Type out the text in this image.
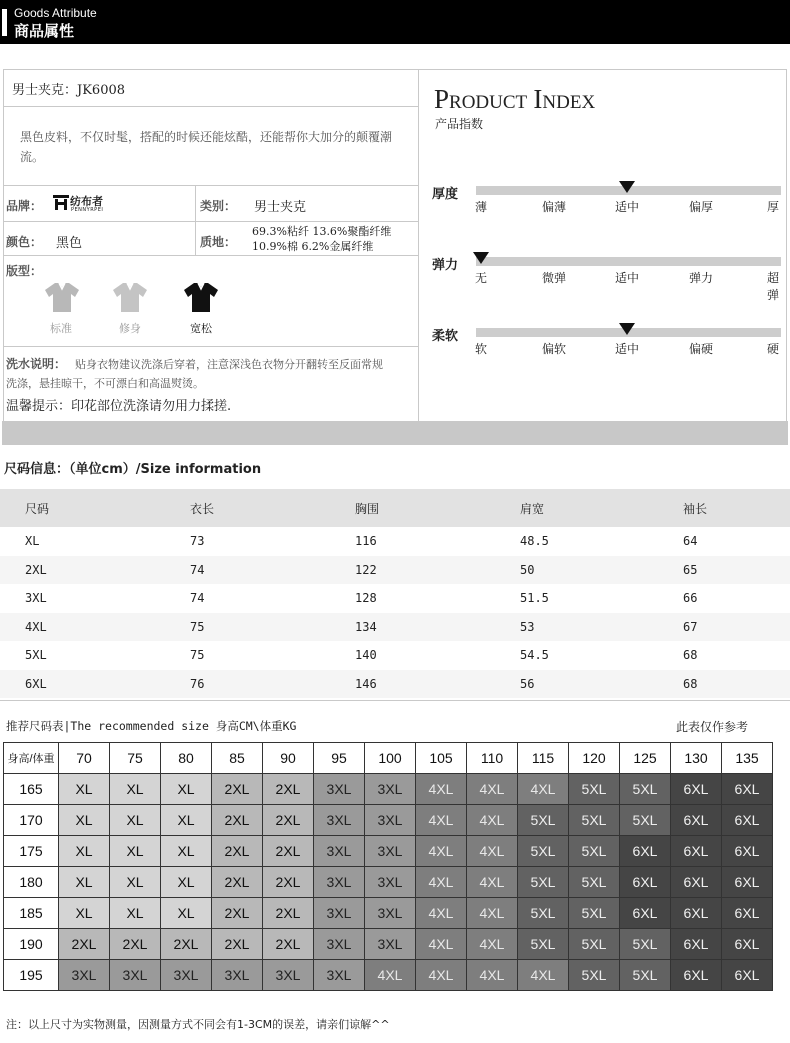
Goods Attribute
商品属性
男士夹克：JK6008
黑色皮料，不仅时髦，搭配的时候还能炫酷，还能帮你大加分的颠覆潮流。
品牌：	纺布者
PENNYRPEI	类别： 男士夹克
颜色： 黑色	质地：
69.3%粘纤 13.6%聚酯纤维
10.9%棉 6.2%金属纤维
版型：
标准	修身	宽松
洗水说明： 贴身衣物建议洗涤后穿着，注意深浅色衣物分开翻转至反面常规
洗涤，悬挂晾干，不可漂白和高温熨烫。
温馨提示：印花部位洗涤请勿用力揉搓.
PRODUCT INDEX
产品指数
厚度
薄	偏薄	适中	偏厚	厚
弹力
无	微弹	适中	弹力	超弹
柔软
软	偏软	适中	偏硬	硬
尺码信息：（单位cm）/Size information
尺码	衣长	胸围	肩宽	袖长
XL	73	116	48.5	64
2XL	74	122	50	65
3XL	74	128	51.5	66
4XL	75	134	53	67
5XL	75	140	54.5	68
6XL	76	146	56	68
推荐尺码表|The recommended size 身高CM\体重KG	此表仅作参考
身高/体重	70	75	80	85	90	95	100	105	110	115	120	125	130	135
165	XL	XL	XL	2XL	2XL	3XL	3XL	4XL	4XL	4XL	5XL	5XL	6XL	6XL
170	XL	XL	XL	2XL	2XL	3XL	3XL	4XL	4XL	5XL	5XL	5XL	6XL	6XL
175	XL	XL	XL	2XL	2XL	3XL	3XL	4XL	4XL	5XL	5XL	6XL	6XL	6XL
180	XL	XL	XL	2XL	2XL	3XL	3XL	4XL	4XL	5XL	5XL	6XL	6XL	6XL
185	XL	XL	XL	2XL	2XL	3XL	3XL	4XL	4XL	5XL	5XL	6XL	6XL	6XL
190	2XL	2XL	2XL	2XL	2XL	3XL	3XL	4XL	4XL	5XL	5XL	5XL	6XL	6XL
195	3XL	3XL	3XL	3XL	3XL	3XL	4XL	4XL	4XL	4XL	5XL	5XL	6XL	6XL
注：以上尺寸为实物测量，因测量方式不同会有1-3CM的误差，请亲们谅解^^
